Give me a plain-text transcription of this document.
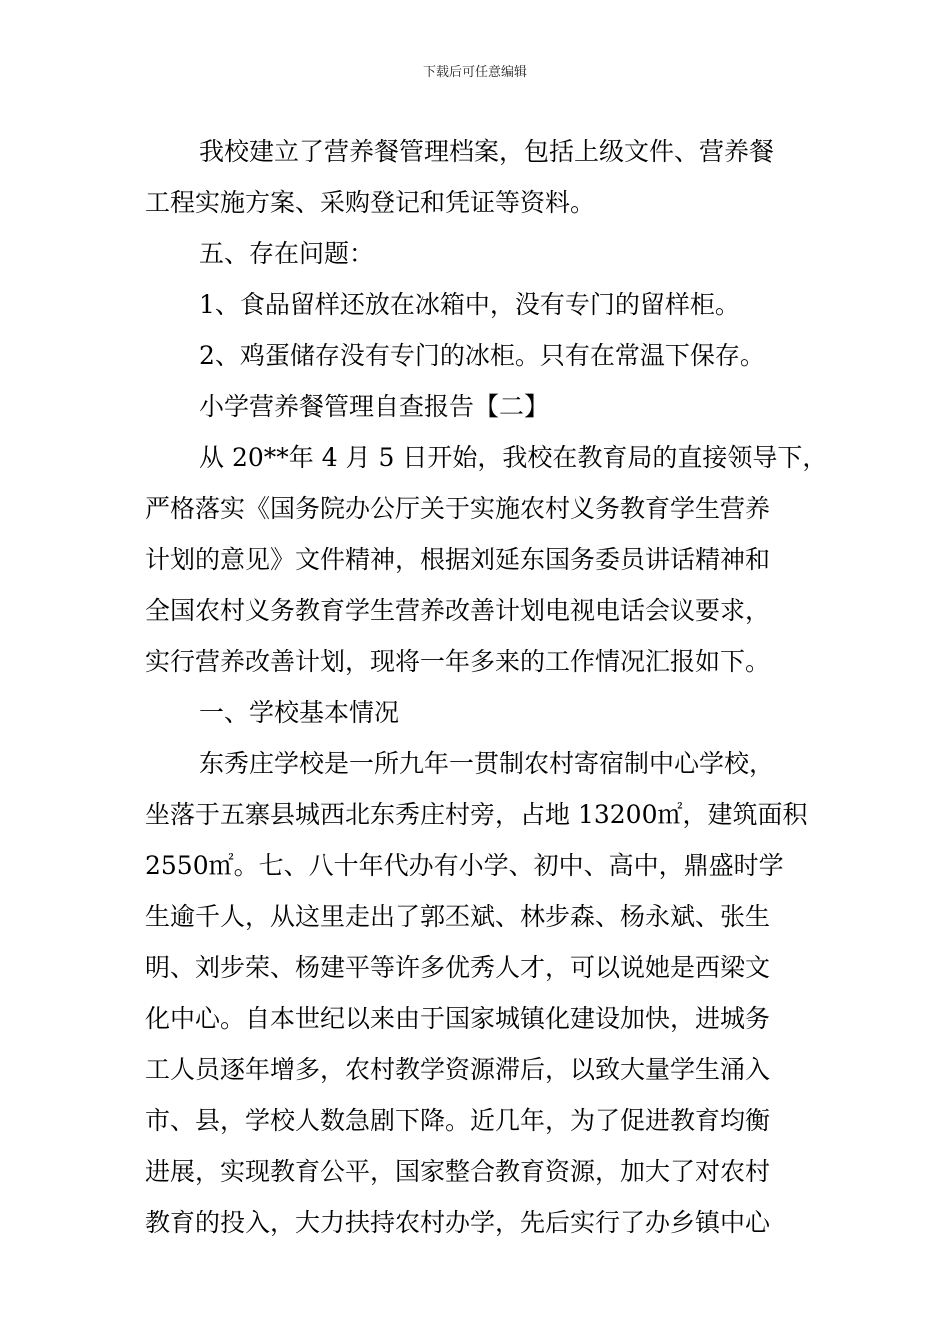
下载后可任意编辑

我校建立了营养餐管理档案，包括上级文件、营养餐

工程实施方案、采购登记和凭证等资料。

五、存在问题：

1、食品留样还放在冰箱中，没有专门的留样柜。

2、鸡蛋储存没有专门的冰柜。只有在常温下保存。

小学营养餐管理自查报告【二】

从 20**年 4 月 5 日开始，我校在教育局的直接领导下，

严格落实《国务院办公厅关于实施农村义务教育学生营养

计划的意见》文件精神，根据刘延东国务委员讲话精神和

全国农村义务教育学生营养改善计划电视电话会议要求，

实行营养改善计划，现将一年多来的工作情况汇报如下。

一、学校基本情况

东秀庄学校是一所九年一贯制农村寄宿制中心学校，

坐落于五寨县城西北东秀庄村旁，占地 13200㎡，建筑面积

2550㎡。七、八十年代办有小学、初中、高中，鼎盛时学

生逾千人，从这里走出了郭丕斌、林步森、杨永斌、张生

明、刘步荣、杨建平等许多优秀人才，可以说她是西梁文

化中心。自本世纪以来由于国家城镇化建设加快，进城务

工人员逐年增多，农村教学资源滞后，以致大量学生涌入

市、县，学校人数急剧下降。近几年，为了促进教育均衡

进展，实现教育公平，国家整合教育资源，加大了对农村

教育的投入，大力扶持农村办学，先后实行了办乡镇中心
